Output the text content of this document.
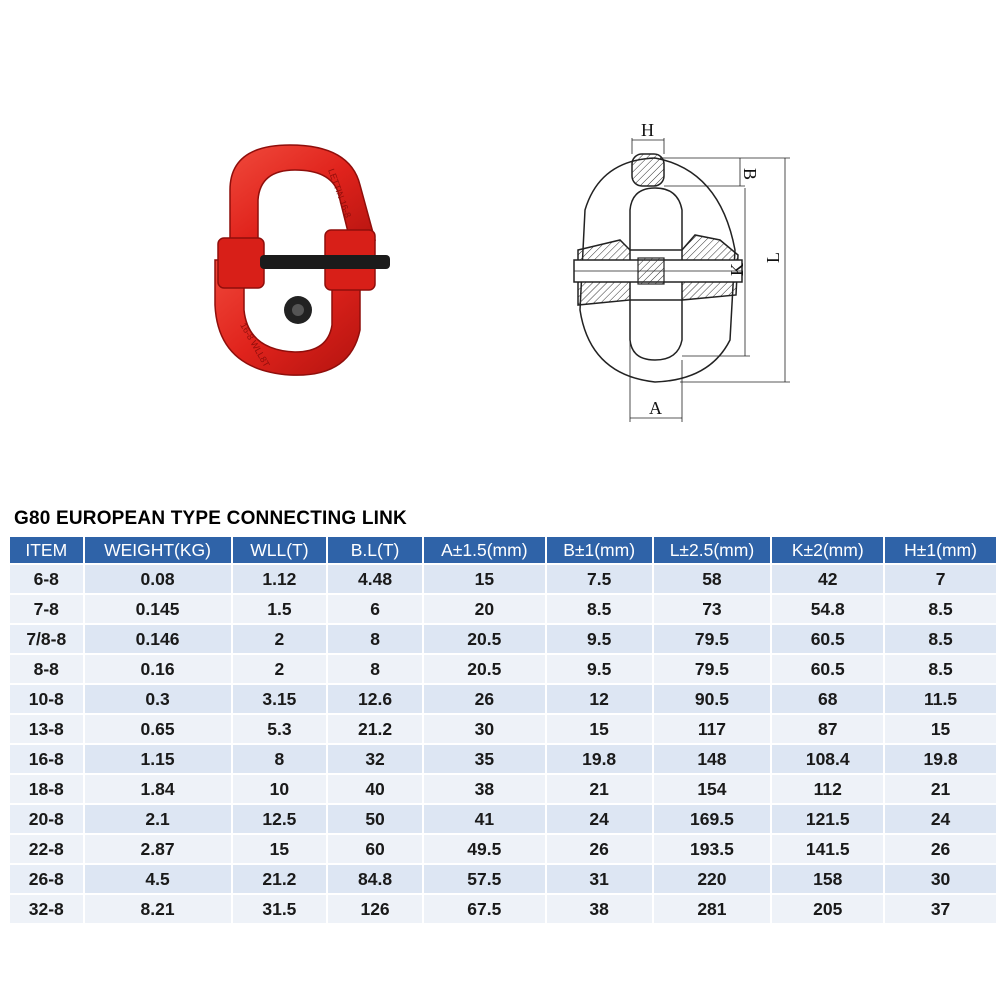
LETTIN 16-8
16-8 WLL8T
H
B
K
L
A
G80 EUROPEAN TYPE CONNECTING LINK
ITEM	WEIGHT(KG)	WLL(T)	B.L(T)	A±1.5(mm)	B±1(mm)	L±2.5(mm)	K±2(mm)	H±1(mm)
6-8	0.08	1.12	4.48	15	7.5	58	42	7
7-8	0.145	1.5	6	20	8.5	73	54.8	8.5
7/8-8	0.146	2	8	20.5	9.5	79.5	60.5	8.5
8-8	0.16	2	8	20.5	9.5	79.5	60.5	8.5
10-8	0.3	3.15	12.6	26	12	90.5	68	11.5
13-8	0.65	5.3	21.2	30	15	117	87	15
16-8	1.15	8	32	35	19.8	148	108.4	19.8
18-8	1.84	10	40	38	21	154	112	21
20-8	2.1	12.5	50	41	24	169.5	121.5	24
22-8	2.87	15	60	49.5	26	193.5	141.5	26
26-8	4.5	21.2	84.8	57.5	31	220	158	30
32-8	8.21	31.5	126	67.5	38	281	205	37
